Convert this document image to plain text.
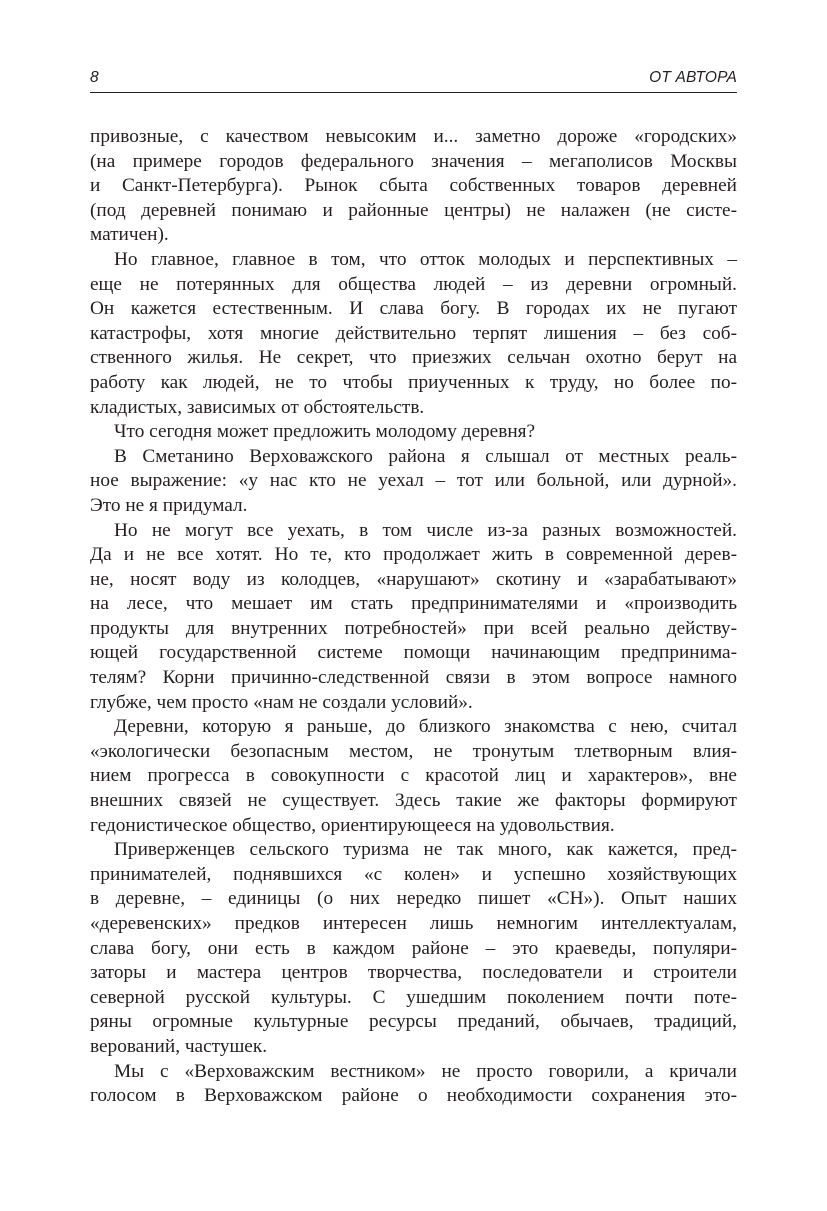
8	ОТ АВТОРА
привозные, с качеством невысоким и... заметно дороже «городских»
(на примере городов федерального значения – мегаполисов Москвы
и Санкт-Петербурга). Рынок сбыта собственных товаров деревней
(под деревней понимаю и районные центры) не налажен (не систе-
матичен).
Но главное, главное в том, что отток молодых и перспективных –
еще не потерянных для общества людей – из деревни огромный.
Он кажется естественным. И слава богу. В городах их не пугают
катастрофы, хотя многие действительно терпят лишения – без соб-
ственного жилья. Не секрет, что приезжих сельчан охотно берут на
работу как людей, не то чтобы приученных к труду, но более по-
кладистых, зависимых от обстоятельств.
Что сегодня может предложить молодому деревня?
В Сметанино Верховажского района я слышал от местных реаль-
ное выражение: «у нас кто не уехал – тот или больной, или дурной».
Это не я придумал.
Но не могут все уехать, в том числе из-за разных возможностей.
Да и не все хотят. Но те, кто продолжает жить в современной дерев-
не, носят воду из колодцев, «нарушают» скотину и «зарабатывают»
на лесе, что мешает им стать предпринимателями и «производить
продукты для внутренних потребностей» при всей реально действу-
ющей государственной системе помощи начинающим предпринима-
телям? Корни причинно-следственной связи в этом вопросе намного
глубже, чем просто «нам не создали условий».
Деревни, которую я раньше, до близкого знакомства с нею, считал
«экологически безопасным местом, не тронутым тлетворным влия-
нием прогресса в совокупности с красотой лиц и характеров», вне
внешних связей не существует. Здесь такие же факторы формируют
гедонистическое общество, ориентирующееся на удовольствия.
Приверженцев сельского туризма не так много, как кажется, пред-
принимателей, поднявшихся «с колен» и успешно хозяйствующих
в деревне, – единицы (о них нередко пишет «СН»). Опыт наших
«деревенских» предков интересен лишь немногим интеллектуалам,
слава богу, они есть в каждом районе – это краеведы, популяри-
заторы и мастера центров творчества, последователи и строители
северной русской культуры. С ушедшим поколением почти потe-
ряны огромные культурные ресурсы преданий, обычаев, традиций,
верований, частушек.
Мы с «Верховажским вестником» не просто говорили, а кричали
голосом в Верховажском районе о необходимости сохранения это-
